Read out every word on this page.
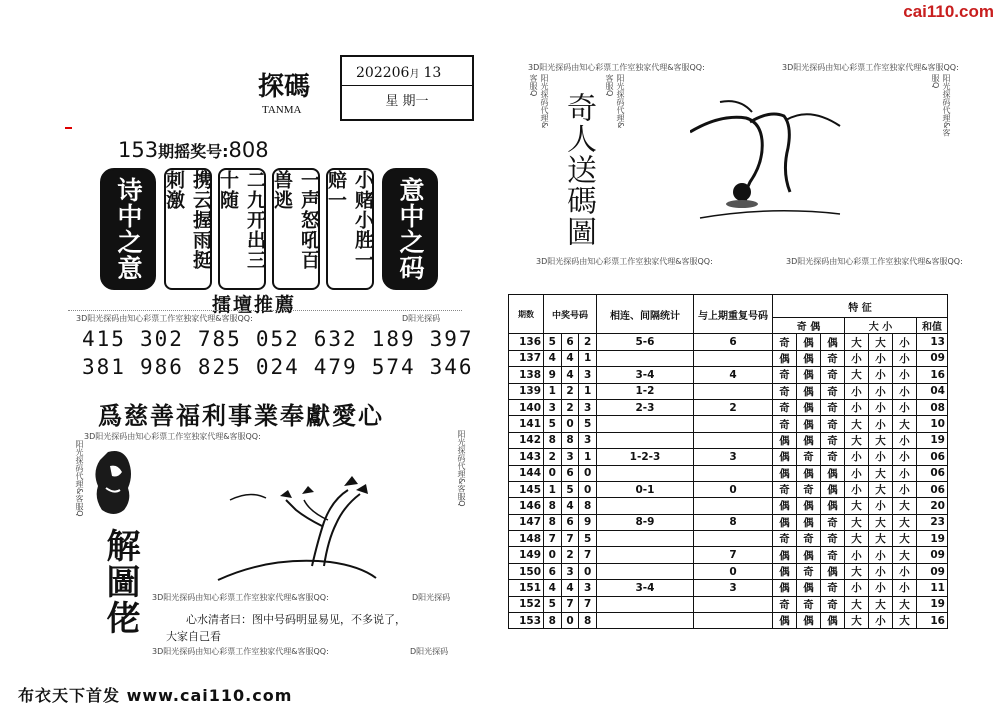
cai110.com
探碼
TANMA
202206月 13
星 期一
153期摇奖号:808
诗中之意	携云握雨挺刺激	二九开出三十随	一声怒吼百兽逃	小赌小胜一赔一	意中之码
擂壇推薦
3D阳光探码由知心彩票工作室独家代理&客服QQ:	D阳光探码
415 302 785 052 632 189 397
381 986 825 024 479 574 346
爲慈善福利事業奉獻愛心
3D阳光探码由知心彩票工作室独家代理&客服QQ:
阳光探码代理&客服Q	阳光探码代理&客服Q
解圖佬	3D阳光探码由知心彩票工作室独家代理&客服QQ:	D阳光探码
心水清者曰：图中号码明显易见，不多说了，
大家自己看
3D阳光探码由知心彩票工作室独家代理&客服QQ:	D阳光探码
布衣天下首发 www.cai110.com
3D阳光探码由知心彩票工作室独家代理&客服QQ:	3D阳光探码由知心彩票工作室独家代理&客服QQ:
阳光探码代理&客服Q	阳光探码代理&客服Q	阳光探码代理&客服Q
奇人送碼圖
3D阳光探码由知心彩票工作室独家代理&客服QQ:	3D阳光探码由知心彩票工作室独家代理&客服QQ:
期数	中奖号码			相连、间隔统计	与上期重复号码	特 征						
						奇 偶			大 小			和值
136	5	6	2	5-6	6	奇	偶	偶	大	大	小	13
137	4	4	1			偶	偶	奇	小	小	小	09
138	9	4	3	3-4	4	奇	偶	奇	大	小	小	16
139	1	2	1	1-2		奇	偶	奇	小	小	小	04
140	3	2	3	2-3	2	奇	偶	奇	小	小	小	08
141	5	0	5			奇	偶	奇	大	小	大	10
142	8	8	3			偶	偶	奇	大	大	小	19
143	2	3	1	1-2-3	3	偶	奇	奇	小	小	小	06
144	0	6	0			偶	偶	偶	小	大	小	06
145	1	5	0	0-1	0	奇	奇	偶	小	大	小	06
146	8	4	8			偶	偶	偶	大	小	大	20
147	8	6	9	8-9	8	偶	偶	奇	大	大	大	23
148	7	7	5			奇	奇	奇	大	大	大	19
149	0	2	7		7	偶	偶	奇	小	小	大	09
150	6	3	0		0	偶	奇	偶	大	小	小	09
151	4	4	3	3-4	3	偶	偶	奇	小	小	小	11
152	5	7	7			奇	奇	奇	大	大	大	19
153	8	0	8			偶	偶	偶	大	小	大	16
